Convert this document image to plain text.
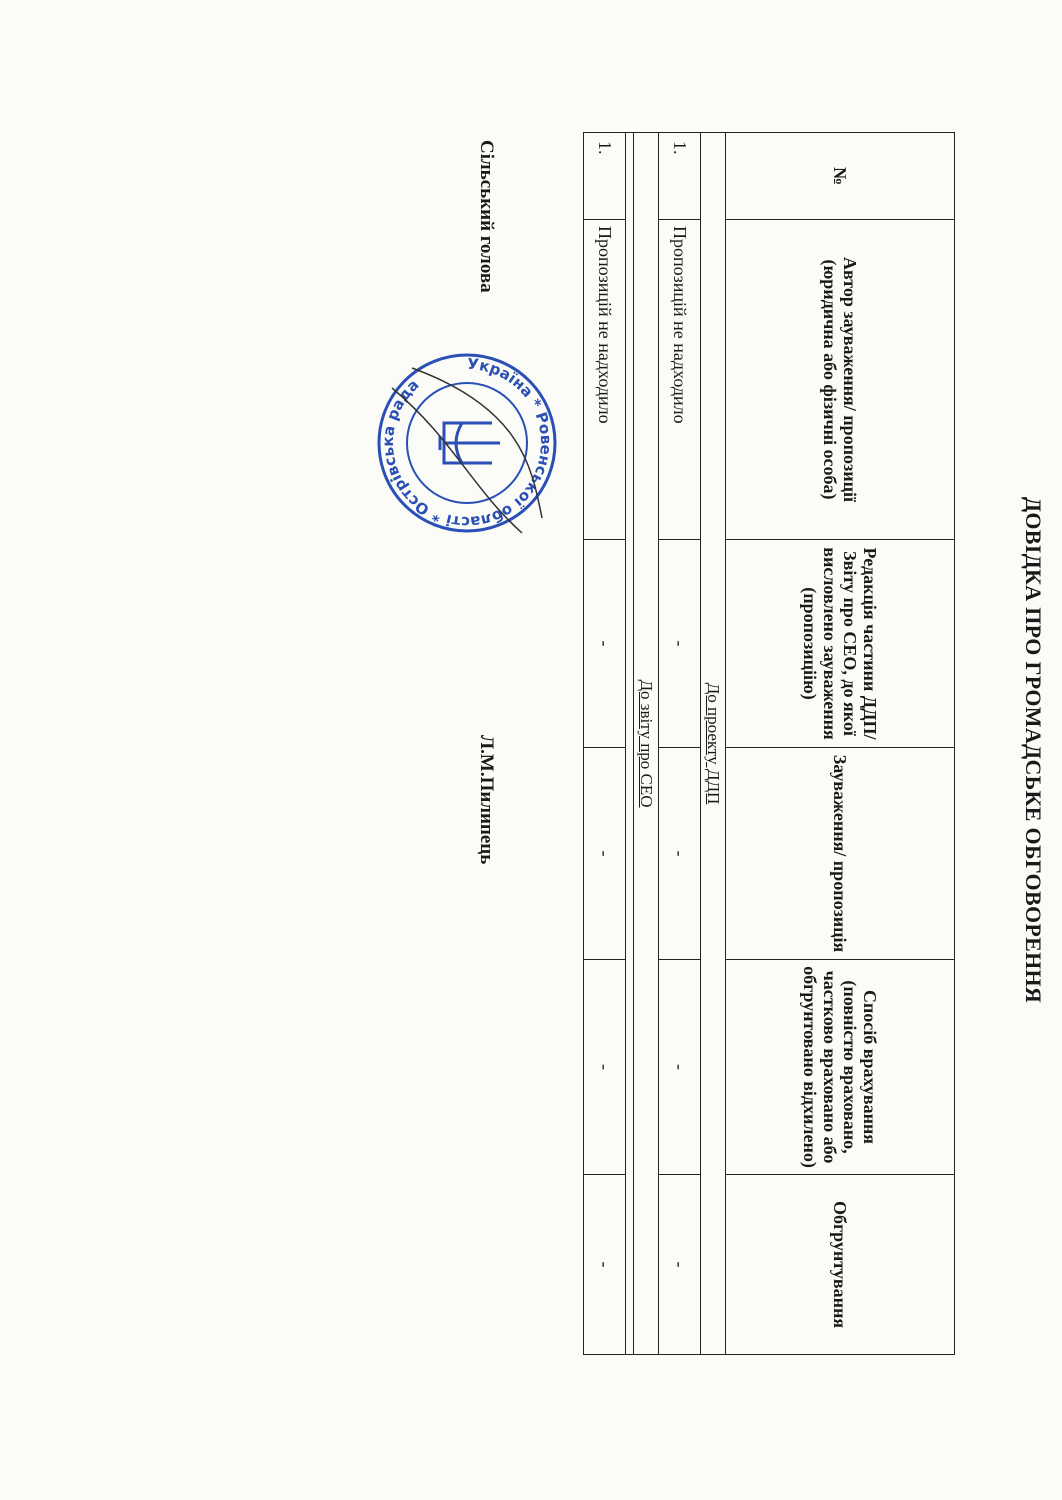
ДОВІДКА ПРО ГРОМАДСЬКЕ ОБГОВОРЕННЯ
№	Автор зауваження/ пропозиції (юридична або фізичні особа)	Редакція частини ДДП/ Звіту про СЕО, до якої висловлено зауваження (пропозиціію)	Зауваження/ пропозиція	Спосіб врахування (повністю враховано, частково враховано або обгрунтовано відхилено)	Обгрунтування
До проекту ДДП					
1.	Пропозицій не надходило	-	-	-	-
До звіту про СЕО					

1.	Пропозицій не надходило	-	-	-	-
Сільський голова
Л.М.Пилипець
Україна * Ровенської області * Острівська рада
